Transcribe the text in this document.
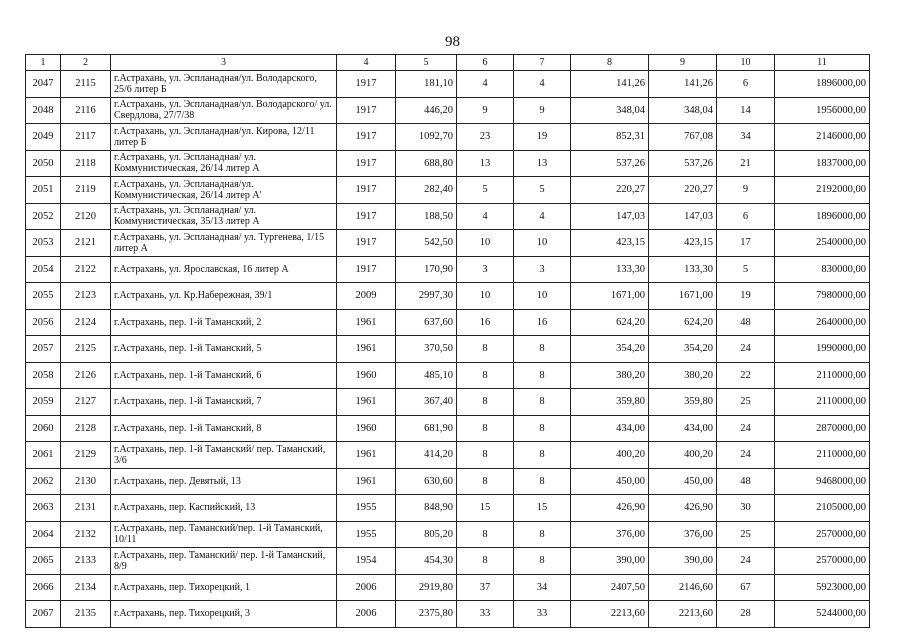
98
1	2	3	4	5	6	7	8	9	10	11
2047	2115	г.Астрахань, ул. Эспланадная/ул. Володарского, 25/6 литер Б	1917	181,10	4	4	141,26	141,26	6	1896000,00
2048	2116	г.Астрахань, ул. Эспланадная/ул. Володарского/ ул. Свердлова, 27/7/38	1917	446,20	9	9	348,04	348,04	14	1956000,00
2049	2117	г.Астрахань, ул. Эспланадная/ул. Кирова, 12/11 литер Б	1917	1092,70	23	19	852,31	767,08	34	2146000,00
2050	2118	г.Астрахань, ул. Эспланадная/ ул. Коммунистическая, 26/14 литер А	1917	688,80	13	13	537,26	537,26	21	1837000,00
2051	2119	г.Астрахань, ул. Эспланадная/ул. Коммунистическая, 26/14 литер А'	1917	282,40	5	5	220,27	220,27	9	2192000,00
2052	2120	г.Астрахань, ул. Эспланадная/ ул. Коммунистическая, 35/13 литер А	1917	188,50	4	4	147,03	147,03	6	1896000,00
2053	2121	г.Астрахань, ул. Эспланадная/ ул. Тургенева, 1/15 литер А	1917	542,50	10	10	423,15	423,15	17	2540000,00
2054	2122	г.Астрахань, ул. Ярославская, 16 литер А	1917	170,90	3	3	133,30	133,30	5	830000,00
2055	2123	г.Астрахань, ул. Кр.Набережная, 39/1	2009	2997,30	10	10	1671,00	1671,00	19	7980000,00
2056	2124	г.Астрахань, пер. 1-й Таманский, 2	1961	637,60	16	16	624,20	624,20	48	2640000,00
2057	2125	г.Астрахань, пер. 1-й Таманский, 5	1961	370,50	8	8	354,20	354,20	24	1990000,00
2058	2126	г.Астрахань, пер. 1-й Таманский, 6	1960	485,10	8	8	380,20	380,20	22	2110000,00
2059	2127	г.Астрахань, пер. 1-й Таманский, 7	1961	367,40	8	8	359,80	359,80	25	2110000,00
2060	2128	г.Астрахань, пер. 1-й Таманский, 8	1960	681,90	8	8	434,00	434,00	24	2870000,00
2061	2129	г.Астрахань, пер. 1-й Таманский/ пер. Таманский, 3/6	1961	414,20	8	8	400,20	400,20	24	2110000,00
2062	2130	г.Астрахань, пер. Девятый, 13	1961	630,60	8	8	450,00	450,00	48	9468000,00
2063	2131	г.Астрахань, пер. Каспийский, 13	1955	848,90	15	15	426,90	426,90	30	2105000,00
2064	2132	г.Астрахань, пер. Таманский/пер. 1-й Таманский, 10/11	1955	805,20	8	8	376,00	376,00	25	2570000,00
2065	2133	г.Астрахань, пер. Таманский/ пер. 1-й Таманский, 8/9	1954	454,30	8	8	390,00	390,00	24	2570000,00
2066	2134	г.Астрахань, пер. Тихорецкий, 1	2006	2919,80	37	34	2407,50	2146,60	67	5923000,00
2067	2135	г.Астрахань, пер. Тихорецкий, 3	2006	2375,80	33	33	2213,60	2213,60	28	5244000,00
